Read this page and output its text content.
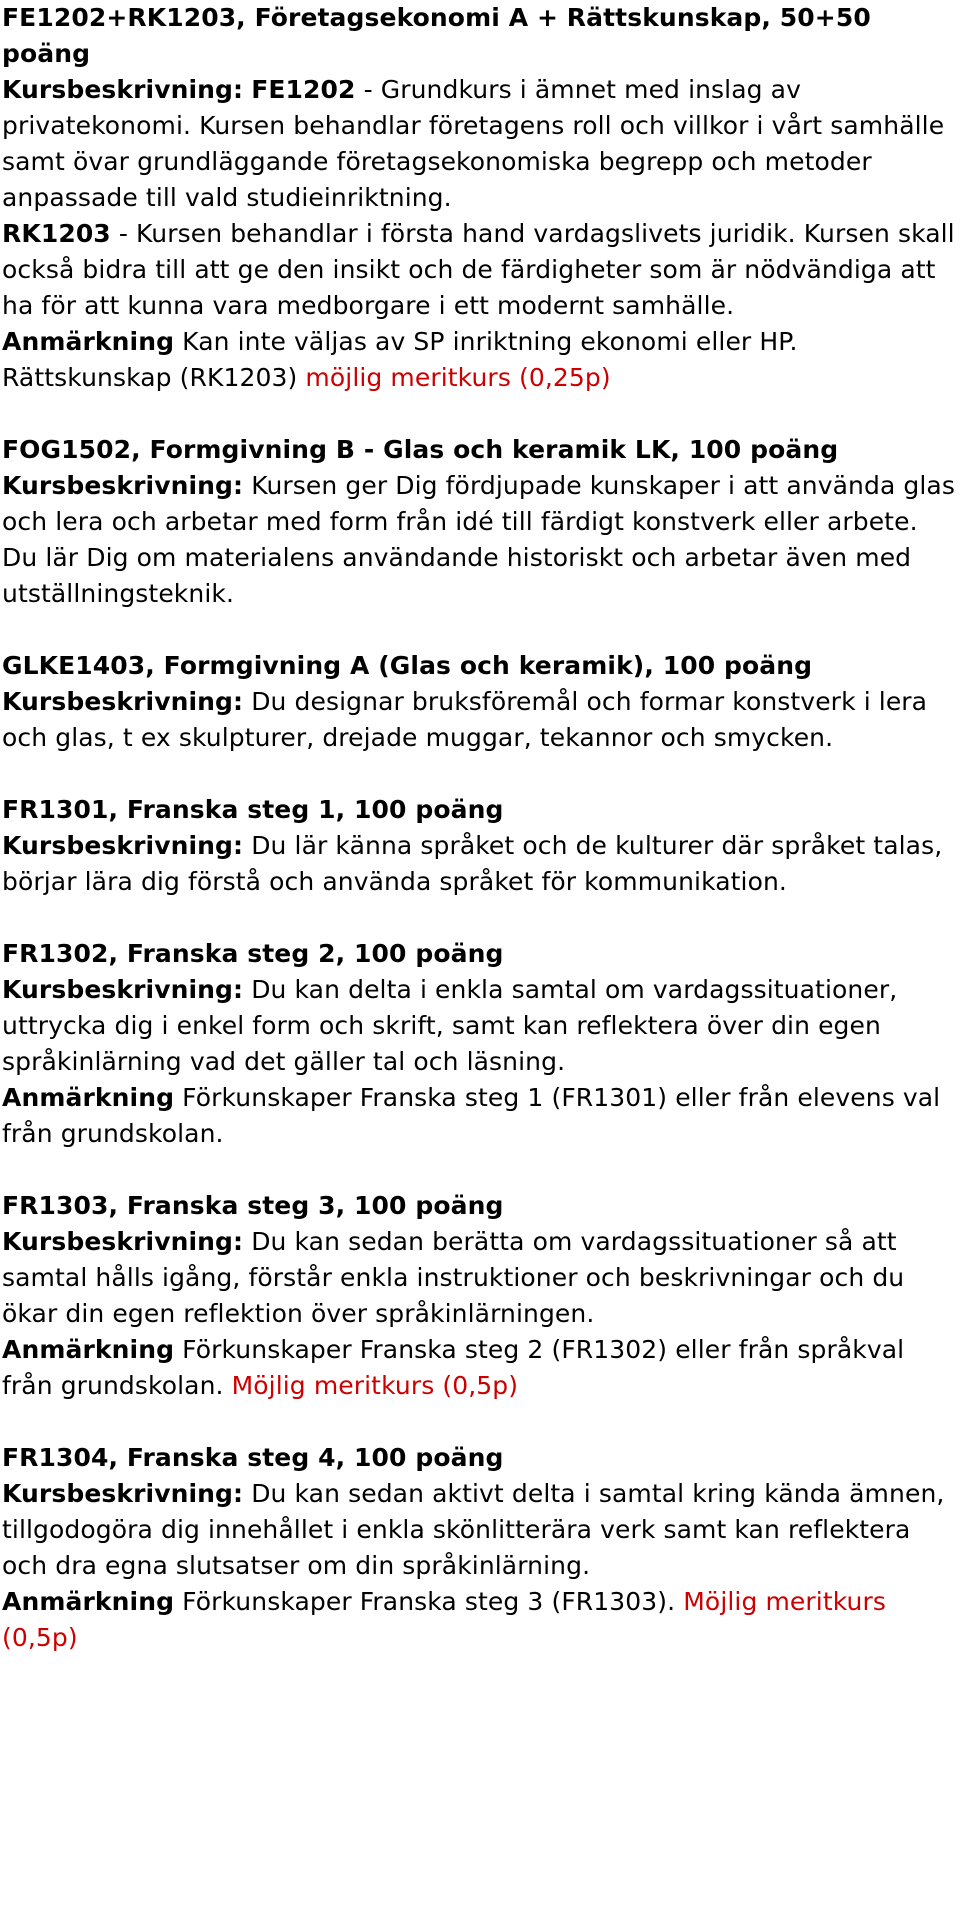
FE1202+RK1203, Företagsekonomi A + Rättskunskap, 50+50 poäng

Kursbeskrivning: FE1202 - Grundkurs i ämnet med inslag av privatekonomi. Kursen behandlar företagens roll och villkor i vårt samhälle samt övar grundläggande företagsekonomiska begrepp och metoder anpassade till vald studieinriktning.

RK1203 - Kursen behandlar i första hand vardagslivets juridik. Kursen skall också bidra till att ge den insikt och de färdigheter som är nödvändiga att ha för att kunna vara medborgare i ett modernt samhälle.

Anmärkning Kan inte väljas av SP inriktning ekonomi eller HP.

Rättskunskap (RK1203) möjlig meritkurs (0,25p)

FOG1502, Formgivning B - Glas och keramik LK, 100 poäng

Kursbeskrivning: Kursen ger Dig fördjupade kunskaper i att använda glas och lera och arbetar med form från idé till färdigt konstverk eller arbete. Du lär Dig om materialens användande historiskt och arbetar även med utställningsteknik.

GLKE1403, Formgivning A (Glas och keramik), 100 poäng

Kursbeskrivning: Du designar bruksföremål och formar konstverk i lera och glas, t ex skulpturer, drejade muggar, tekannor och smycken.

FR1301, Franska steg 1, 100 poäng

Kursbeskrivning: Du lär känna språket och de kulturer där språket talas, börjar lära dig förstå och använda språket för kommunikation.

FR1302, Franska steg 2, 100 poäng

Kursbeskrivning: Du kan delta i enkla samtal om vardagssituationer, uttrycka dig i enkel form och skrift, samt kan reflektera över din egen språkinlärning vad det gäller tal och läsning.

Anmärkning Förkunskaper Franska steg 1 (FR1301) eller från elevens val från grundskolan.

FR1303, Franska steg 3, 100 poäng

Kursbeskrivning: Du kan sedan berätta om vardagssituationer så att samtal hålls igång, förstår enkla instruktioner och beskrivningar och du ökar din egen reflektion över språkinlärningen.

Anmärkning Förkunskaper Franska steg 2 (FR1302) eller från språkval från grundskolan. Möjlig meritkurs (0,5p)

FR1304, Franska steg 4, 100 poäng

Kursbeskrivning: Du kan sedan aktivt delta i samtal kring kända ämnen, tillgodogöra dig innehållet i enkla skönlitterära verk samt kan reflektera och dra egna slutsatser om din språkinlärning.

Anmärkning Förkunskaper Franska steg 3 (FR1303). Möjlig meritkurs (0,5p)
